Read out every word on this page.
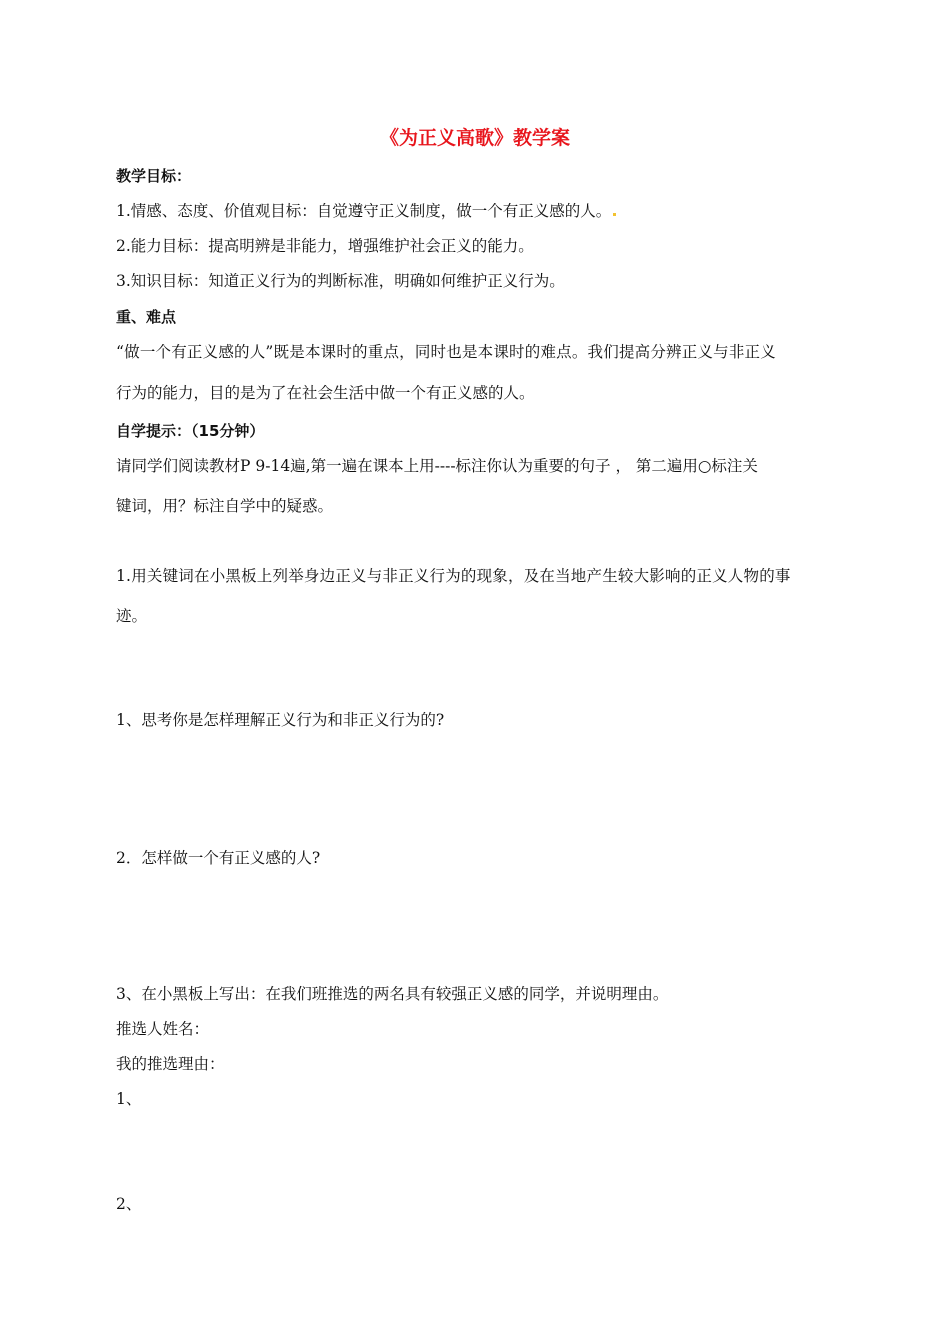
《为正义高歌》教学案
教学目标：
1.情感、态度、价值观目标：自觉遵守正义制度，做一个有正义感的人。
2.能力目标：提高明辨是非能力，增强维护社会正义的能力。
3.知识目标：知道正义行为的判断标准，明确如何维护正义行为。
重、难点
“做一个有正义感的人”既是本课时的重点，同时也是本课时的难点。我们提高分辨正义与非正义
行为的能力，目的是为了在社会生活中做一个有正义感的人。
自学提示：（15分钟）
请同学们阅读教材P 9-14遍,第一遍在课本上用----标注你认为重要的句子 ， 第二遍用○标注关
键词，用？标注自学中的疑惑。
1.用关键词在小黑板上列举身边正义与非正义行为的现象，及在当地产生较大影响的正义人物的事
迹。
1、思考你是怎样理解正义行为和非正义行为的?
2．怎样做一个有正义感的人?
3、在小黑板上写出：在我们班推选的两名具有较强正义感的同学，并说明理由。
推选人姓名：
我的推选理由：
1、
2、
